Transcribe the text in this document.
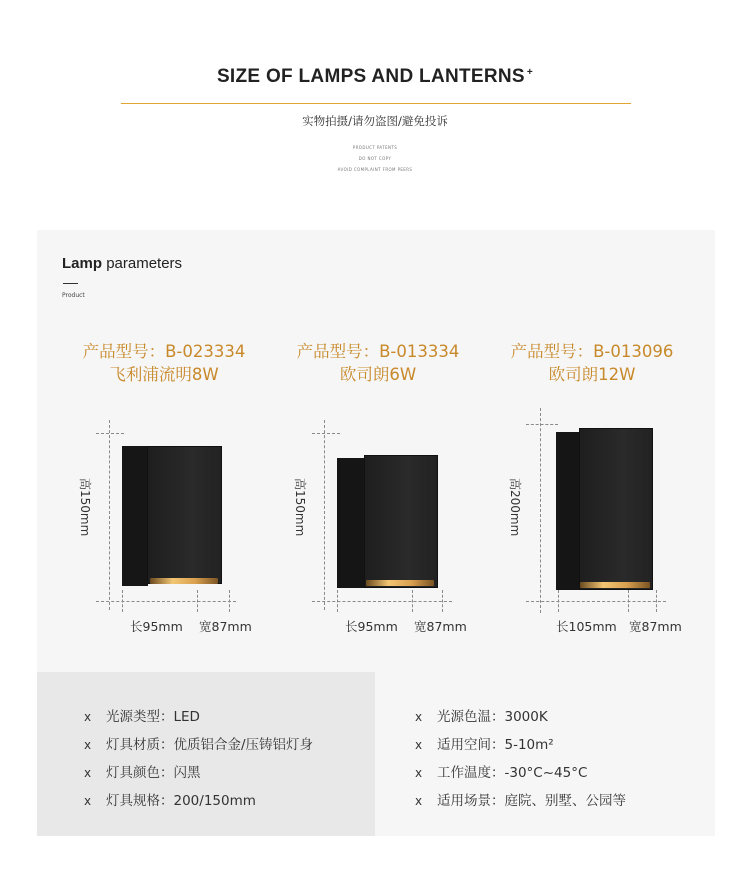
SIZE OF LAMPS AND LANTERNS +
实物拍摄/请勿盗图/避免投诉
PRODUCT PATENTS
DO NOT COPY
AVOID COMPLAINT FROM PEERS
Lamp parameters
Product
产品型号：B-023334
飞利浦流明8W
高150mm
长95mm 宽87mm
产品型号：B-013334
欧司朗6W
高150mm
长95mm 宽87mm
产品型号：B-013096
欧司朗12W
高200mm
长105mm 宽87mm
x 光源类型：LED
x 灯具材质：优质铝合金/压铸铝灯身
x 灯具颜色：闪黑
x 灯具规格：200/150mm
x 光源色温：3000K
x 适用空间：5-10m²
x 工作温度：-30°C~45°C
x 适用场景：庭院、别墅、公园等
